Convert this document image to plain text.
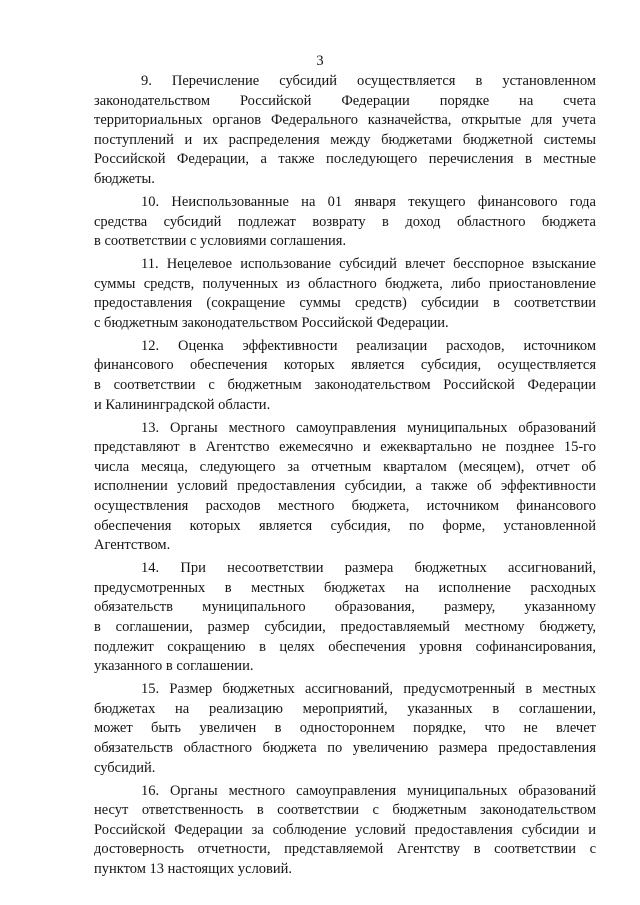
3
9. Перечисление субсидий осуществляется в установленном
законодательством Российской Федерации порядке на счета
территориальных органов Федерального казначейства, открытые для учета
поступлений и их распределения между бюджетами бюджетной системы
Российской Федерации, а также последующего перечисления в местные
бюджеты.
10. Неиспользованные на 01 января текущего финансового года
средства субсидий подлежат возврату в доход областного бюджета
в соответствии с условиями соглашения.
11. Нецелевое использование субсидий влечет бесспорное взыскание
суммы средств, полученных из областного бюджета, либо приостановление
предоставления (сокращение суммы средств) субсидии в соответствии
с бюджетным законодательством Российской Федерации.
12. Оценка эффективности реализации расходов, источником
финансового обеспечения которых является субсидия, осуществляется
в соответствии с бюджетным законодательством Российской Федерации
и Калининградской области.
13. Органы местного самоуправления муниципальных образований
представляют в Агентство ежемесячно и ежеквартально не позднее 15-го
числа месяца, следующего за отчетным кварталом (месяцем), отчет об
исполнении условий предоставления субсидии, а также об эффективности
осуществления расходов местного бюджета, источником финансового
обеспечения которых является субсидия, по форме, установленной
Агентством.
14. При несоответствии размера бюджетных ассигнований,
предусмотренных в местных бюджетах на исполнение расходных
обязательств муниципального образования, размеру, указанному
в соглашении, размер субсидии, предоставляемый местному бюджету,
подлежит сокращению в целях обеспечения уровня софинансирования,
указанного в соглашении.
15. Размер бюджетных ассигнований, предусмотренный в местных
бюджетах на реализацию мероприятий, указанных в соглашении,
может быть увеличен в одностороннем порядке, что не влечет
обязательств областного бюджета по увеличению размера предоставления
субсидий.
16. Органы местного самоуправления муниципальных образований
несут ответственность в соответствии с бюджетным законодательством
Российской Федерации за соблюдение условий предоставления субсидии и
достоверность отчетности, представляемой Агентству в соответствии с
пунктом 13 настоящих условий.
